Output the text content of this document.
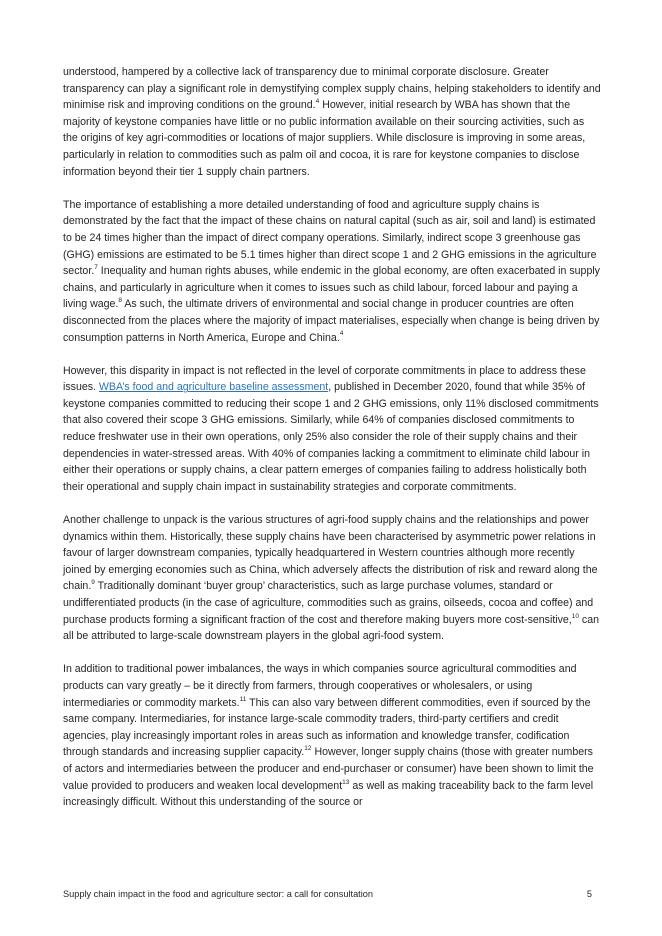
understood, hampered by a collective lack of transparency due to minimal corporate disclosure. Greater transparency can play a significant role in demystifying complex supply chains, helping stakeholders to identify and minimise risk and improving conditions on the ground.$^4$ However, initial research by WBA has shown that the majority of keystone companies have little or no public information available on their sourcing activities, such as the origins of key agri-commodities or locations of major suppliers. While disclosure is improving in some areas, particularly in relation to commodities such as palm oil and cocoa, it is rare for keystone companies to disclose information beyond their tier 1 supply chain partners.

The importance of establishing a more detailed understanding of food and agriculture supply chains is demonstrated by the fact that the impact of these chains on natural capital (such as air, soil and land) is estimated to be 24 times higher than the impact of direct company operations. Similarly, indirect scope 3 greenhouse gas (GHG) emissions are estimated to be 5.1 times higher than direct scope 1 and 2 GHG emissions in the agriculture sector.$^7$ Inequality and human rights abuses, while endemic in the global economy, are often exacerbated in supply chains, and particularly in agriculture when it comes to issues such as child labour, forced labour and paying a living wage.$^8$ As such, the ultimate drivers of environmental and social change in producer countries are often disconnected from the places where the majority of impact materialises, especially when change is being driven by consumption patterns in North America, Europe and China.$^4$

However, this disparity in impact is not reflected in the level of corporate commitments in place to address these issues. WBA’s food and agriculture baseline assessment, published in December 2020, found that while 35% of keystone companies committed to reducing their scope 1 and 2 GHG emissions, only 11% disclosed commitments that also covered their scope 3 GHG emissions. Similarly, while 64% of companies disclosed commitments to reduce freshwater use in their own operations, only 25% also consider the role of their supply chains and their dependencies in water-stressed areas. With 40% of companies lacking a commitment to eliminate child labour in either their operations or supply chains, a clear pattern emerges of companies failing to address holistically both their operational and supply chain impact in sustainability strategies and corporate commitments.

Another challenge to unpack is the various structures of agri-food supply chains and the relationships and power dynamics within them. Historically, these supply chains have been characterised by asymmetric power relations in favour of larger downstream companies, typically headquartered in Western countries although more recently joined by emerging economies such as China, which adversely affects the distribution of risk and reward along the chain.$^9$ Traditionally dominant ‘buyer group’ characteristics, such as large purchase volumes, standard or undifferentiated products (in the case of agriculture, commodities such as grains, oilseeds, cocoa and coffee) and purchase products forming a significant fraction of the cost and therefore making buyers more cost-sensitive,$^{10}$ can all be attributed to large-scale downstream players in the global agri-food system.

In addition to traditional power imbalances, the ways in which companies source agricultural commodities and products can vary greatly – be it directly from farmers, through cooperatives or wholesalers, or using intermediaries or commodity markets.$^{11}$ This can also vary between different commodities, even if sourced by the same company. Intermediaries, for instance large-scale commodity traders, third-party certifiers and credit agencies, play increasingly important roles in areas such as information and knowledge transfer, codification through standards and increasing supplier capacity.$^{12}$ However, longer supply chains (those with greater numbers of actors and intermediaries between the producer and end-purchaser or consumer) have been shown to limit the value provided to producers and weaken local development$^{13}$ as well as making traceability back to the farm level increasingly difficult. Without this understanding of the source or

Supply chain impact in the food and agriculture sector: a call for consultation	5
